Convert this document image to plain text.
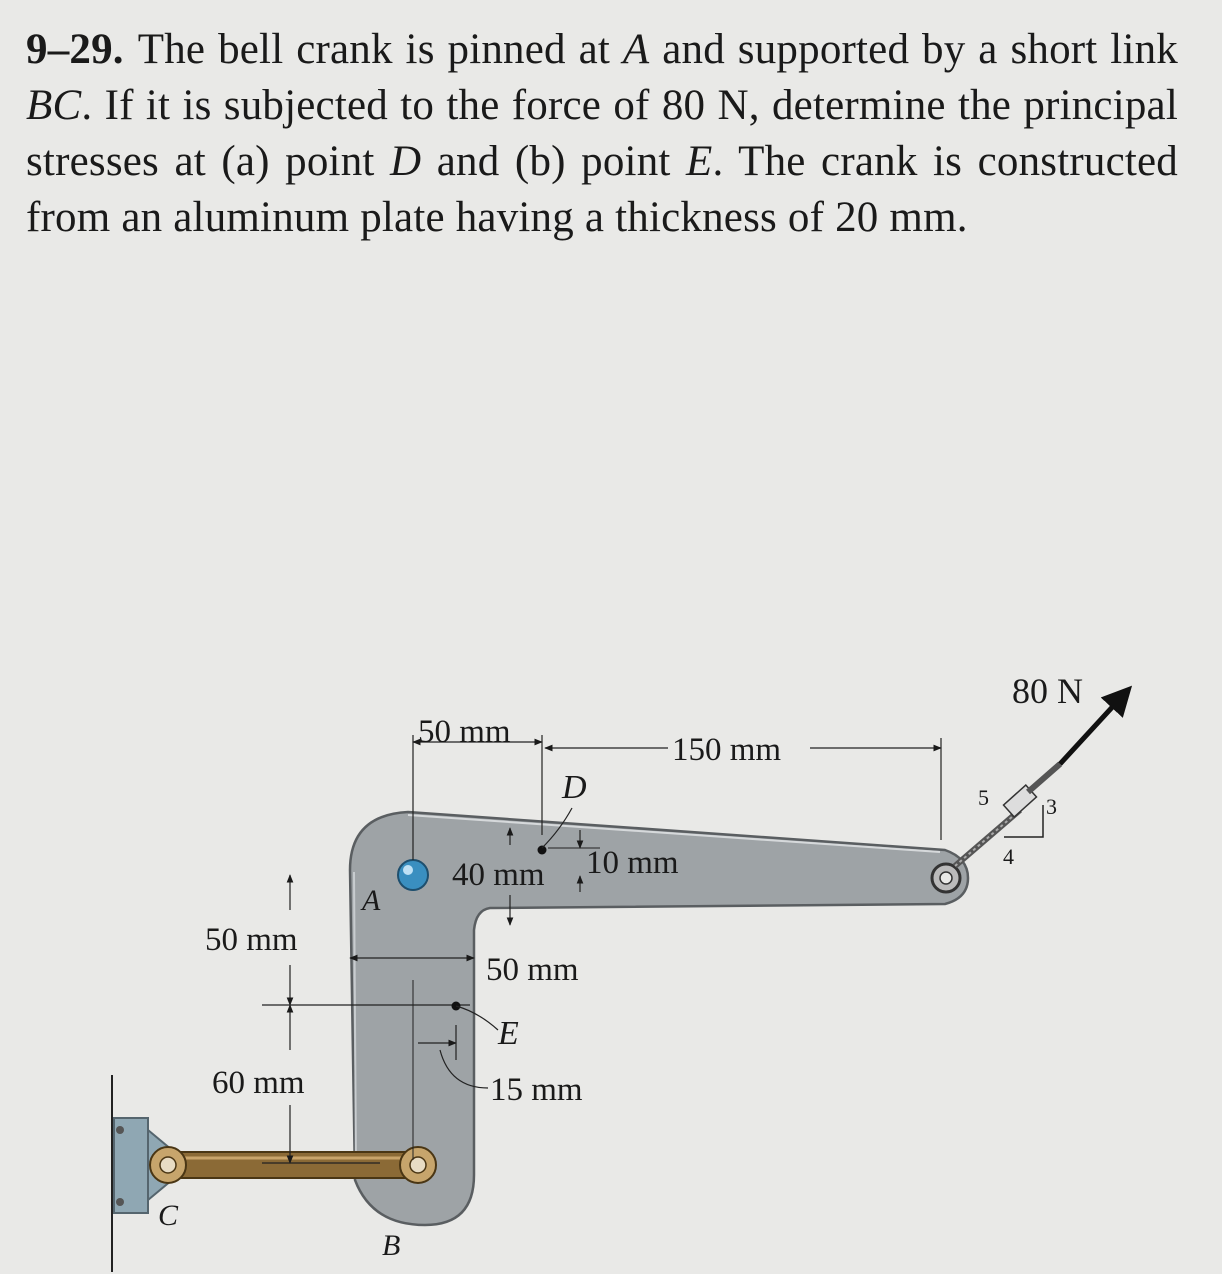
9–29. The bell crank is pinned at A and supported by a short link BC. If it is subjected to the force of 80 N, determine the principal stresses at (a) point D and (b) point E. The crank is constructed from an aluminum plate having a thickness of 20 mm.
5	3
4
80 N
50 mm	150 mm
D
40 mm 10 mm
A
50 mm
60 mm
50 mm
E
15 mm
B
C
